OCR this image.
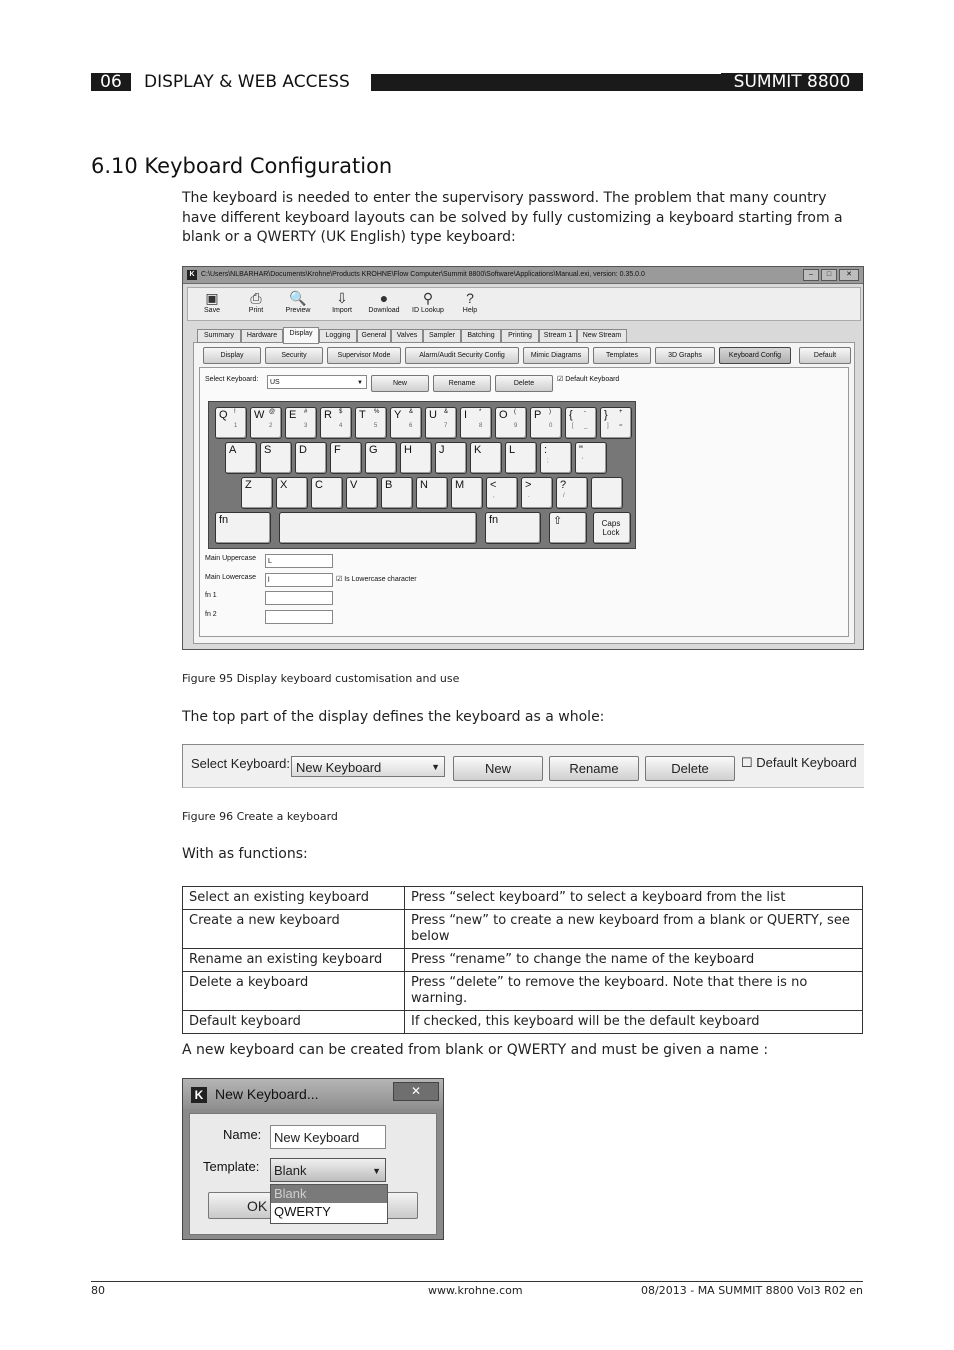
06	DISPLAY & WEB ACCESS	SUMMIT 8800
6.10 Keyboard Configuration
The keyboard is needed to enter the supervisory password. The problem that many country have different keyboard layouts can be solved by fully customizing a keyboard starting from a blank or a QWERTY (UK English) type keyboard:
K C:\Users\NLBARHAR\Documents\Krohne\Products KROHNE\Flow Computer\Summit 8800\Software\Applications\Manual.exi, version: 0.35.0.0	–	□	✕
▣
Save
⎙
Print
🔍
Preview
⇩
Import
●
Download
⚲
ID Lookup
?
Help
Select Keyboard:	US	▼	New	Rename	Delete
☑ Default Keyboard
Q !
1
W @
2
E #
3
R $
4
T %
5
Y &
6
U &
7
I *
8
O (
9
P )
0
{ -
_
[
} +
=
]
A	S	D F	G H J	K	L	:
;
"
'
Z	X	C V	B	N M <
,
>
.
?
/
fn	fn	⇧	Caps Lock
Main Uppercase	L
Main Lowercase	l	☑ Is Lowercase character
fn 1
fn 2
Summary	Hardware	Display	Logging	General	Valves	Sampler	Batching	Printing	Stream 1	New Stream
Display	Security	Supervisor Mode	Alarm/Audit Security Config	Mimic Diagrams	Templates	3D Graphs	Keyboard Config	Default
Figure 95 Display keyboard customisation and use
The top part of the display defines the keyboard as a whole:
Select Keyboard: New Keyboard	▼	New	Rename	Delete	☐ Default Keyboard
Figure 96 Create a keyboard
With as functions:
Select an existing keyboard	Press “select keyboard” to select a keyboard from the list
Create a new keyboard	Press “new” to create a new keyboard from a blank or QUERTY, see below
Rename an existing keyboard	Press “rename” to change the name of the keyboard
Delete a keyboard	Press “delete” to remove the keyboard. Note that there is no warning.
Default keyboard	If checked, this keyboard will be the default keyboard
A new keyboard can be created from blank or QWERTY and must be given a name :
K New Keyboard...	✕
Name: New Keyboard
Template:	Blank	▼
OK
Blank
QWERTY
80	www.krohne.com	08/2013 - MA SUMMIT 8800 Vol3 R02 en
